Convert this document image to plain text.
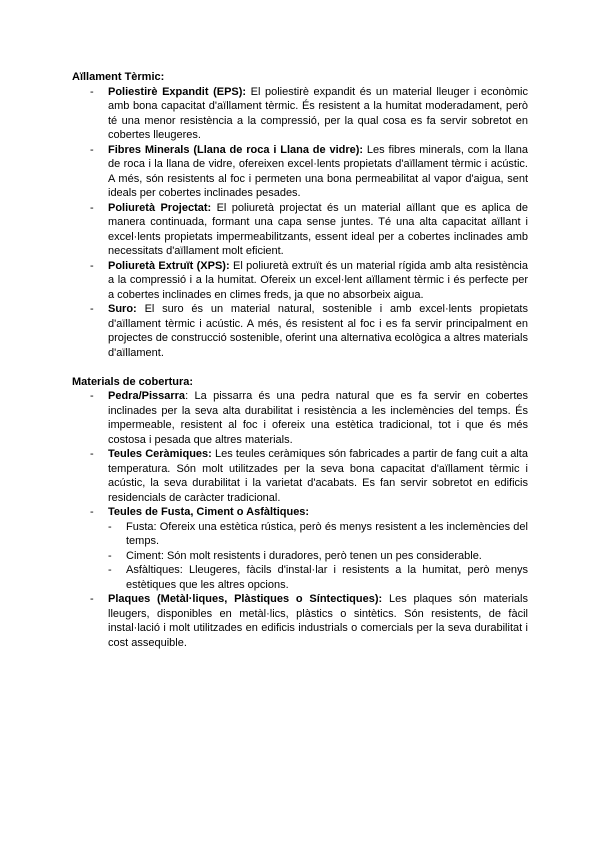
Aïllament Tèrmic:

- Poliestirè Expandit (EPS): El poliestirè expandit és un material lleuger i econòmic amb bona capacitat d'aïllament tèrmic. És resistent a la humitat moderadament, però té una menor resistència a la compressió, per la qual cosa es fa servir sobretot en cobertes lleugeres.
- Fibres Minerals (Llana de roca i Llana de vidre): Les fibres minerals, com la llana de roca i la llana de vidre, ofereixen excel·lents propietats d'aïllament tèrmic i acústic. A més, són resistents al foc i permeten una bona permeabilitat al vapor d'aigua, sent ideals per cobertes inclinades pesades.
- Poliuretà Projectat: El poliuretà projectat és un material aïllant que es aplica de manera continuada, formant una capa sense juntes. Té una alta capacitat aïllant i excel·lents propietats impermeabilitzants, essent ideal per a cobertes inclinades amb necessitats d'aïllament molt eficient.
- Poliuretà Extruït (XPS): El poliuretà extruït és un material rígida amb alta resistència a la compressió i a la humitat. Ofereix un excel·lent aïllament tèrmic i és perfecte per a cobertes inclinades en climes freds, ja que no absorbeix aigua.
- Suro: El suro és un material natural, sostenible i amb excel·lents propietats d'aïllament tèrmic i acústic. A més, és resistent al foc i es fa servir principalment en projectes de construcció sostenible, oferint una alternativa ecològica a altres materials d'aïllament.

Materials de cobertura:

- Pedra/Pissarra: La pissarra és una pedra natural que es fa servir en cobertes inclinades per la seva alta durabilitat i resistència a les inclemències del temps. És impermeable, resistent al foc i ofereix una estètica tradicional, tot i que és més costosa i pesada que altres materials.
- Teules Ceràmiques: Les teules ceràmiques són fabricades a partir de fang cuit a alta temperatura. Són molt utilitzades per la seva bona capacitat d'aïllament tèrmic i acústic, la seva durabilitat i la varietat d'acabats. Es fan servir sobretot en edificis residencials de caràcter tradicional.
- Teules de Fusta, Ciment o Asfàltiques:
- Fusta: Ofereix una estètica rústica, però és menys resistent a les inclemències del temps.
- Ciment: Són molt resistents i duradores, però tenen un pes considerable.
- Asfàltiques: Lleugeres, fàcils d'instal·lar i resistents a la humitat, però menys estètiques que les altres opcions.
- Plaques (Metàl·liques, Plàstiques o Síntectiques): Les plaques són materials lleugers, disponibles en metàl·lics, plàstics o sintètics. Són resistents, de fàcil instal·lació i molt utilitzades en edificis industrials o comercials per la seva durabilitat i cost assequible.
